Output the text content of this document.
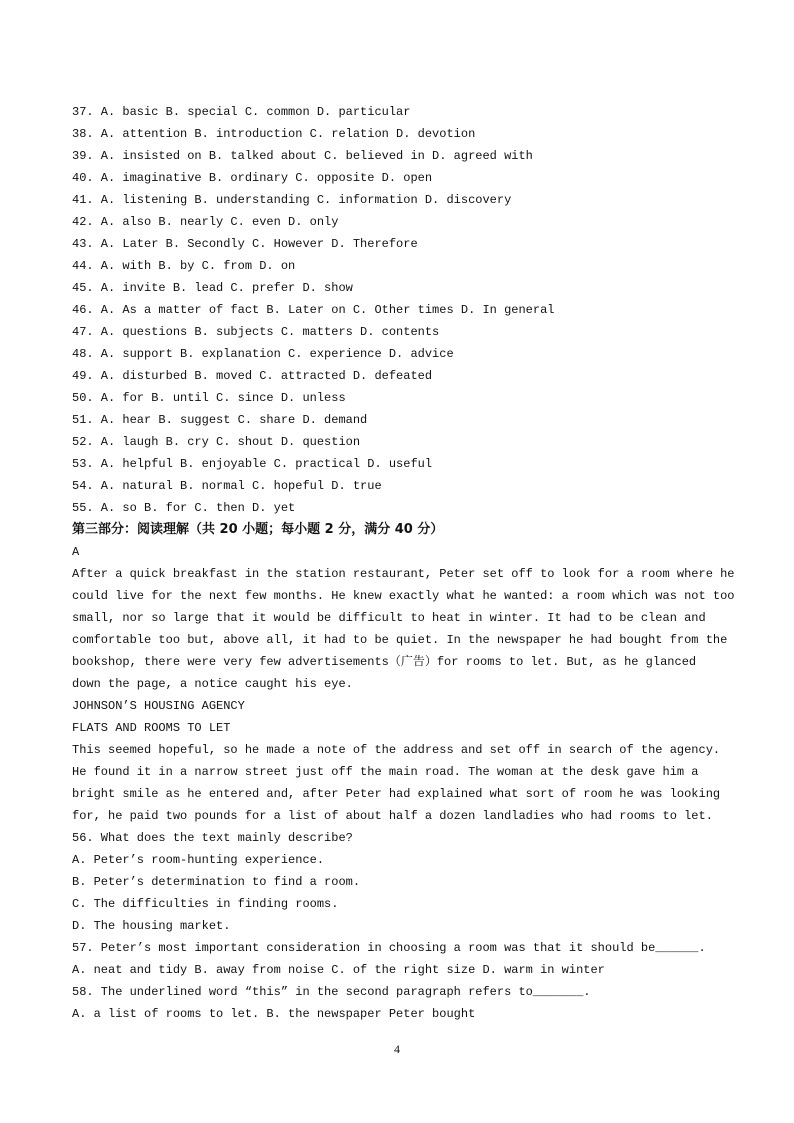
37. A. basic B. special C. common D. particular
38. A. attention B. introduction C. relation D. devotion
39. A. insisted on B. talked about C. believed in D. agreed with
40. A. imaginative B. ordinary C. opposite D. open
41. A. listening B. understanding C. information D. discovery
42. A. also B. nearly C. even D. only
43. A. Later B. Secondly C. However D. Therefore
44. A. with B. by C. from D. on
45. A. invite B. lead C. prefer D. show
46. A. As a matter of fact B. Later on C. Other times D. In general
47. A. questions B. subjects C. matters D. contents
48. A. support B. explanation C. experience D. advice
49. A. disturbed B. moved C. attracted D. defeated
50. A. for B. until C. since D. unless
51. A. hear B. suggest C. share D. demand
52. A. laugh B. cry C. shout D. question
53. A. helpful B. enjoyable C. practical D. useful
54. A. natural B. normal C. hopeful D. true
55. A. so B. for C. then D. yet
第三部分：阅读理解（共 20 小题；每小题 2 分，满分 40 分）
A
After a quick breakfast in the station restaurant, Peter set off to look for a room where he
could live for the next few months. He knew exactly what he wanted: a room which was not too
small, nor so large that it would be difficult to heat in winter. It had to be clean and
comfortable too but, above all, it had to be quiet. In the newspaper he had bought from the
bookshop, there were very few advertisements（广告）for rooms to let. But, as he glanced
down the page, a notice caught his eye.
JOHNSON’S HOUSING AGENCY
FLATS AND ROOMS TO LET
This seemed hopeful, so he made a note of the address and set off in search of the agency.
He found it in a narrow street just off the main road. The woman at the desk gave him a
bright smile as he entered and, after Peter had explained what sort of room he was looking
for, he paid two pounds for a list of about half a dozen landladies who had rooms to let.
56. What does the text mainly describe?
A. Peter’s room-hunting experience.
B. Peter’s determination to find a room.
C. The difficulties in finding rooms.
D. The housing market.
57. Peter’s most important consideration in choosing a room was that it should be______.
A. neat and tidy B. away from noise C. of the right size D. warm in winter
58. The underlined word “this” in the second paragraph refers to_______.
A. a list of rooms to let. B. the newspaper Peter bought
4
